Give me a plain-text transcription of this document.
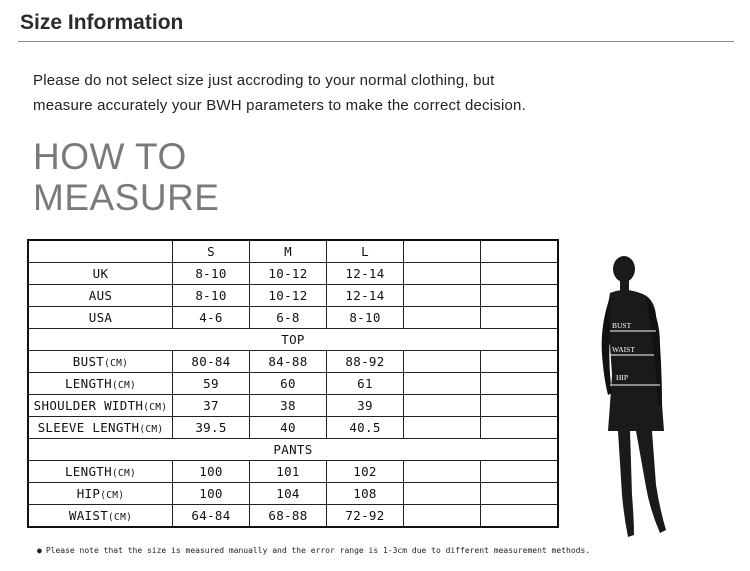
Size Information
Please do not select size just accroding to your normal clothing, but
measure accurately your BWH parameters to make the correct decision.
HOW TO
MEASURE
	S	M	L		
UK	8-10	10-12	12-14		
AUS	8-10	10-12	12-14		
USA	4-6	6-8	8-10		
TOP					
BUST(CM)	80-84	84-88	88-92		
LENGTH(CM)	59	60	61		
SHOULDER WIDTH(CM)	37	38	39		
SLEEVE LENGTH(CM)	39.5	40	40.5		
PANTS					
LENGTH(CM)	100	101	102		
HIP(CM)	100	104	108		
WAIST(CM)	64-84	68-88	72-92		
● Please note that the size is measured manually and the error range is 1-3cm due to different measurement methods.
BUST
WAIST
HIP
